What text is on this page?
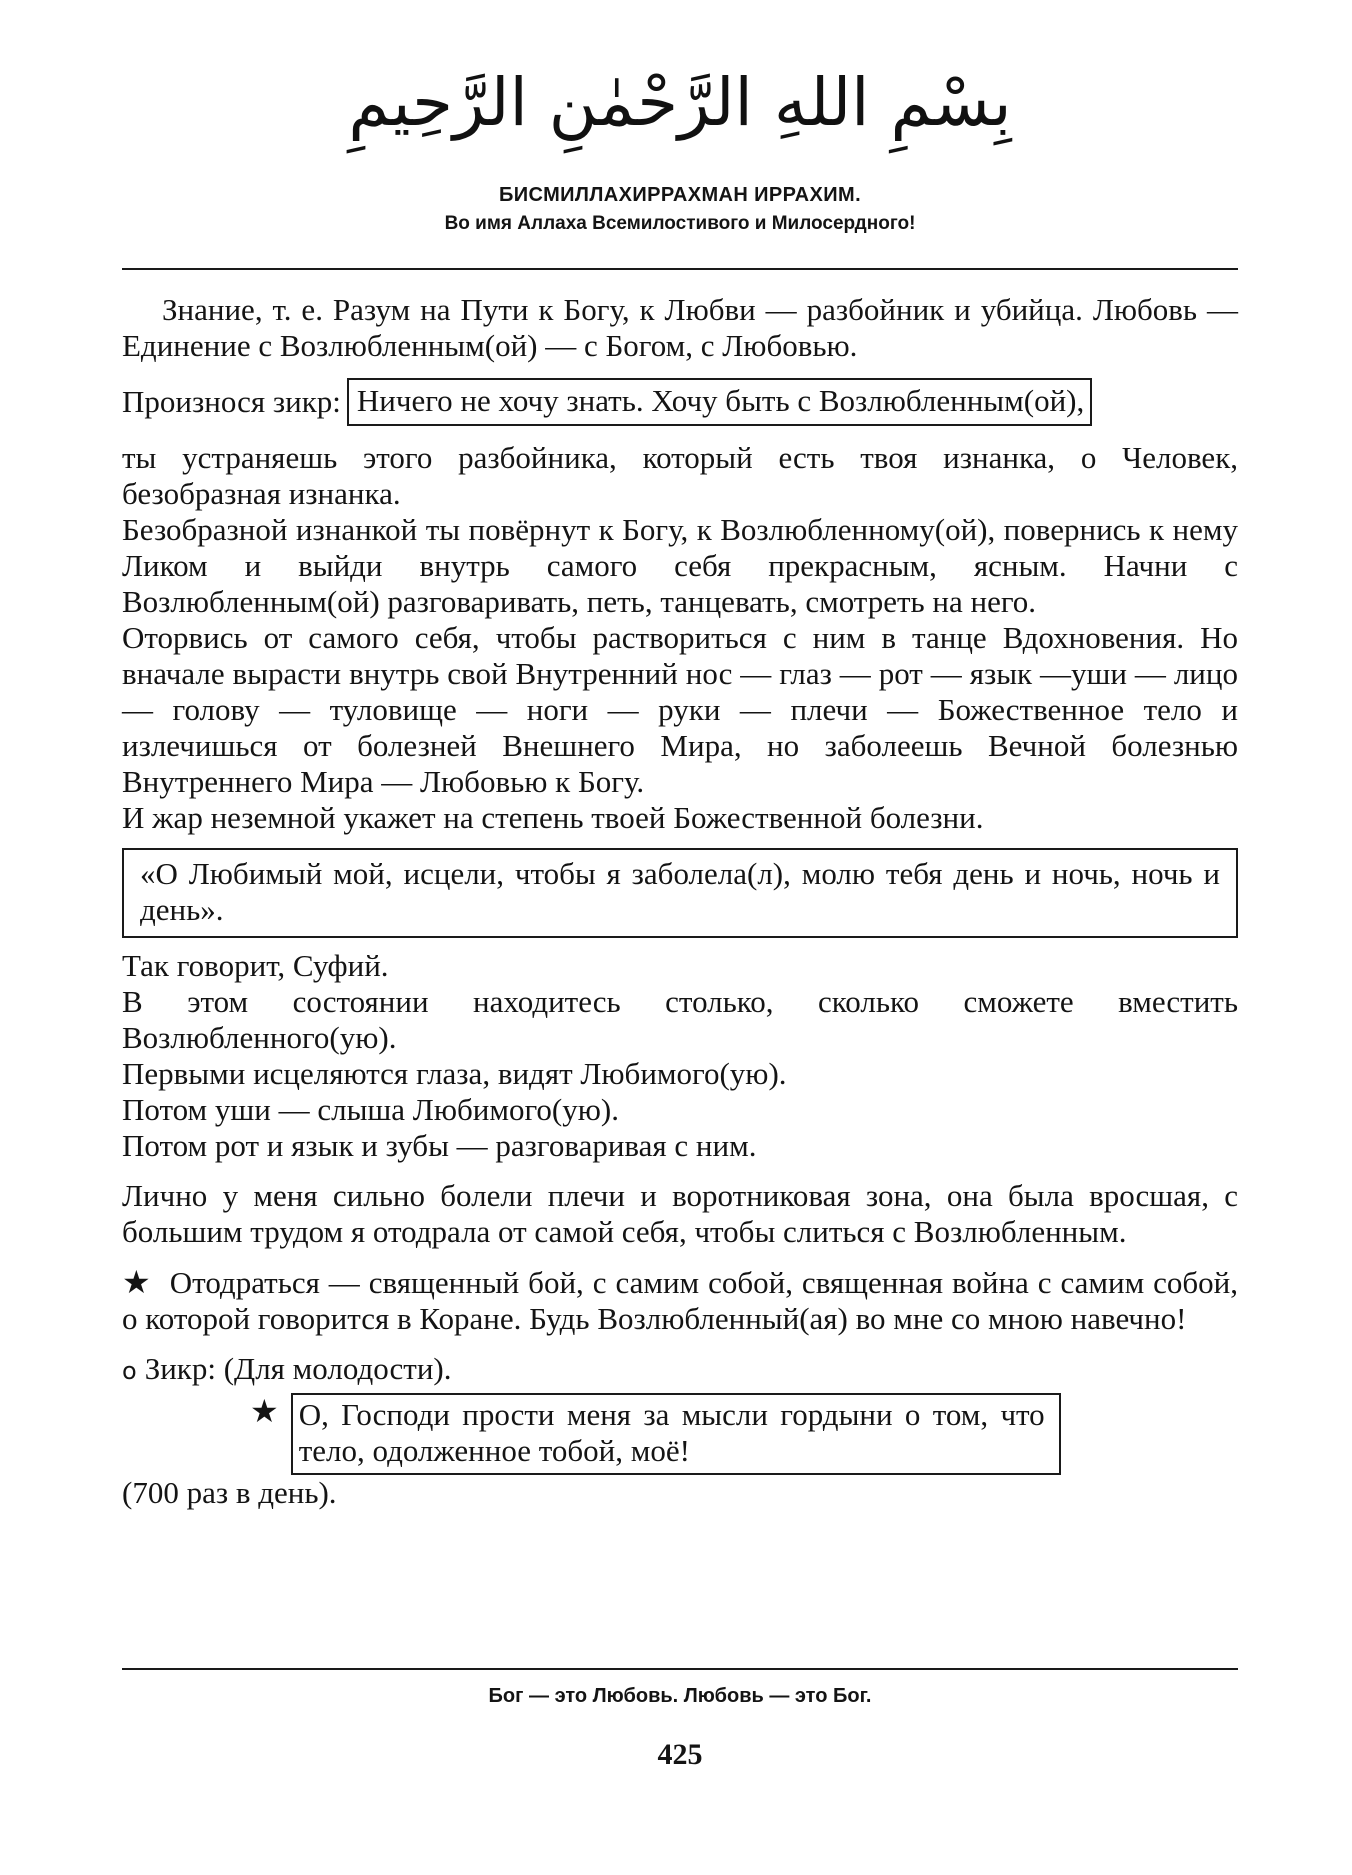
بِسْمِ اللهِ الرَّحْمٰنِ الرَّحِيمِ
БИСМИЛЛАХИРРАХМАН ИРРАХИМ.
Во имя Аллаха Всемилостивого и Милосердного!

Знание, т. е. Разум на Пути к Богу, к Любви — разбойник и убийца. Любовь — Единение с Возлюбленным(ой) — с Богом, с Любовью.

Произнося зикр: Ничего не хочу знать. Хочу быть с Возлюбленным(ой),

ты устраняешь этого разбойника, который есть твоя изнанка, о Человек, безобразная изнанка.

Безобразной изнанкой ты повёрнут к Богу, к Возлюбленному(ой), повернись к нему Ликом и выйди внутрь самого себя прекрасным, ясным. Начни с Возлюбленным(ой) разговаривать, петь, танцевать, смотреть на него.

Оторвись от самого себя, чтобы раствориться с ним в танце Вдохновения. Но вначале вырасти внутрь свой Внутренний нос — глаз — рот — язык —уши — лицо — голову — туловище — ноги — руки — плечи — Божественное тело и излечишься от болезней Внешнего Мира, но заболеешь Вечной болезнью Внутреннего Мира — Любовью к Богу.

И жар неземной укажет на степень твоей Божественной болезни.

«О Любимый мой, исцели, чтобы я заболела(л), молю тебя день и ночь, ночь и день».

Так говорит, Суфий.

В этом состоянии находитесь столько, сколько сможете вместить Возлюбленного(ую).

Первыми исцеляются глаза, видят Любимого(ую).

Потом уши — слыша Любимого(ую).

Потом рот и язык и зубы — разговаривая с ним.

Лично у меня сильно болели плечи и воротниковая зона, она была вросшая, с большим трудом я отодрала от самой себя, чтобы слиться с Возлюбленным.

★ Отодраться — священный бой, с самим собой, священная война с самим собой, о которой говорится в Коране. Будь Возлюбленный(ая) во мне со мною навечно!

o Зикр: (Для молодости).

★ О, Господи прости меня за мысли гордыни о том, что тело, одолженное тобой, моё!

(700 раз в день).

Бог — это Любовь. Любовь — это Бог.
425
